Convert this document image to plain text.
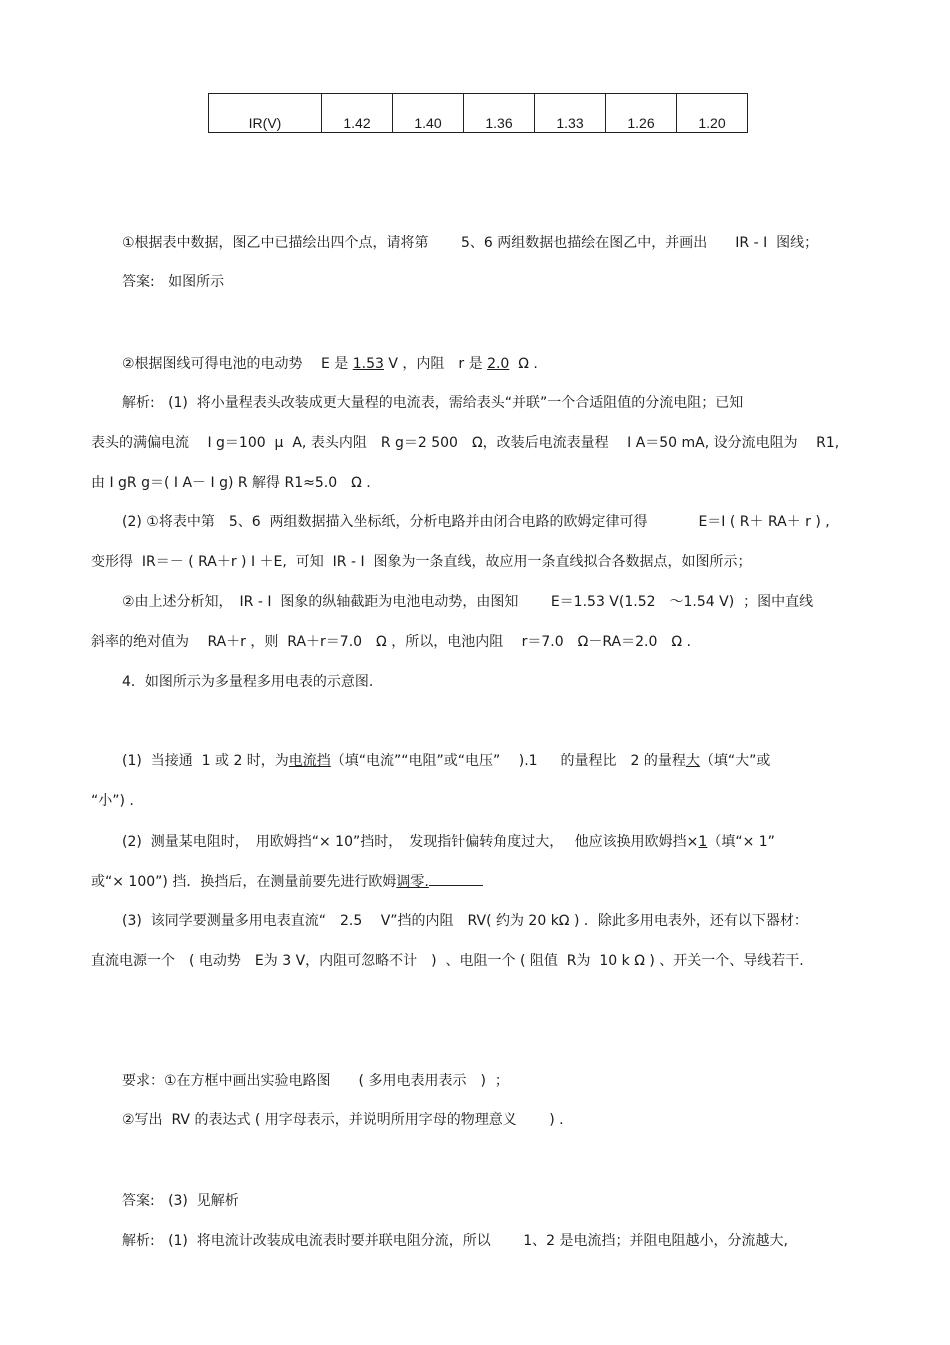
IR(V)	1.42	1.40	1.36	1.33	1.26	1.20
①根据表中数据，图乙中已描绘出四个点，请将第　　 5、6 两组数据也描绘在图乙中，并画出　　IR - I  图线；
答案:   如图所示
②根据图线可得电池的电动势　 E 是 1.53 V ，内阻　r 是 2.0  Ω .
解析:   (1)  将小量程表头改装成更大量程的电流表，需给表头“并联”一个合适阻值的分流电阻；已知
表头的满偏电流　 I g＝100  μ  A, 表头内阻　R g＝2 500　Ω，改装后电流表量程　 I A＝50 mA, 设分流电阻为　 R1,
由 I gR g＝( I A－ I g) R 解得 R1≈5.0　Ω .
(2) ①将表中第　5、6  两组数据描入坐标纸，分析电路并由闭合电路的欧姆定律可得　　　  E＝I ( R＋ RA＋ r ) ,
变形得  IR＝－ ( RA＋r ) I ＋E,  可知  IR - I  图象为一条直线，故应用一条直线拟合各数据点，如图所示；
②由上述分析知，　IR - I  图象的纵轴截距为电池电动势，由图知　　 E＝1.53 V(1.52　～1.54 V)  ；图中直线
斜率的绝对值为　 RA＋r ，则  RA＋r＝7.0　Ω ，所以，电池内阻　 r＝7.0　Ω－RA＝2.0　Ω .
4．如图所示为多量程多用电表的示意图.
(1)  当接通  1 或 2 时，为电流挡（填“电流”“电阻”或“电压”　 ).1　  的量程比　2 的量程大（填“大”或
“小”) .
(2)  测量某电阻时，　用欧姆挡“× 10”挡时，　发现指针偏转角度过大，　 他应该换用欧姆挡×1（填“× 1”
或“× 100”) 挡．换挡后，在测量前要先进行欧姆调零.
(3)  该同学要测量多用电表直流“　2.5　 V”挡的内阻　RV( 约为 20 kΩ ) ．除此多用电表外，还有以下器材：
直流电源一个　( 电动势　E为 3 V，内阻可忽略不计　)  、电阻一个 ( 阻值  R为  10 k Ω ) 、开关一个、导线若干.
要求：①在方框中画出实验电路图　　( 多用电表用表示　)  ；
②写出  RV 的表达式 ( 用字母表示，并说明所用字母的物理意义　　 ) .
答案:   (3)  见解析
解析:   (1)  将电流计改装成电流表时要并联电阻分流，所以　　 1、2 是电流挡；并阻电阻越小，分流越大,
